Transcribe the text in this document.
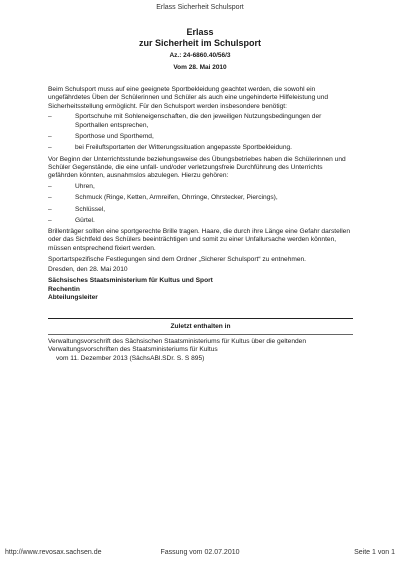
Erlass Sicherheit Schulsport
Erlass
zur Sicherheit im Schulsport
Az.: 24-6860.40/56/3
Vom 28. Mai 2010

Beim Schulsport muss auf eine geeignete Sportbekleidung geachtet werden, die sowohl ein ungefährdetes Üben der Schülerinnen und Schüler als auch eine ungehinderte Hilfeleistung und Sicherheitsstellung ermöglicht. Für den Schulsport werden insbesondere benötigt:

–	Sportschuhe mit Sohleneigenschaften, die den jeweiligen Nutzungsbedingungen der Sporthallen entsprechen,
–	Sporthose und Sporthemd,
–	bei Freiluftsportarten der Witterungssituation angepasste Sportbekleidung.

Vor Beginn der Unterrichtsstunde beziehungsweise des Übungsbetriebes haben die Schülerinnen und Schüler Gegenstände, die eine unfall- und/oder verletzungsfreie Durchführung des Unterrichts gefährden könnten, ausnahmslos abzulegen. Hierzu gehören:

–	Uhren,
–	Schmuck (Ringe, Ketten, Armreifen, Ohrringe, Ohrstecker, Piercings),
–	Schlüssel,
–	Gürtel.

Brillenträger sollten eine sportgerechte Brille tragen. Haare, die durch ihre Länge eine Gefahr darstellen oder das Sichtfeld des Schülers beeinträchtigen und somit zu einer Unfallursache werden könnten, müssen entsprechend fixiert werden.

Sportartspezifische Festlegungen sind dem Ordner „Sicherer Schulsport“ zu entnehmen.

Dresden, den 28. Mai 2010

Sächsisches Staatsministerium für Kultus und Sport
Rechentin
Abteilungsleiter
Zuletzt enthalten in
Verwaltungsvorschrift des Sächsischen Staatsministeriums für Kultus über die geltenden
Verwaltungsvorschriften des Staatsministeriums für Kultus
vom 11. Dezember 2013 (SächsABl.SDr. S. S 895)
http://www.revosax.sachsen.de	Fassung vom 02.07.2010	Seite 1 von 1
